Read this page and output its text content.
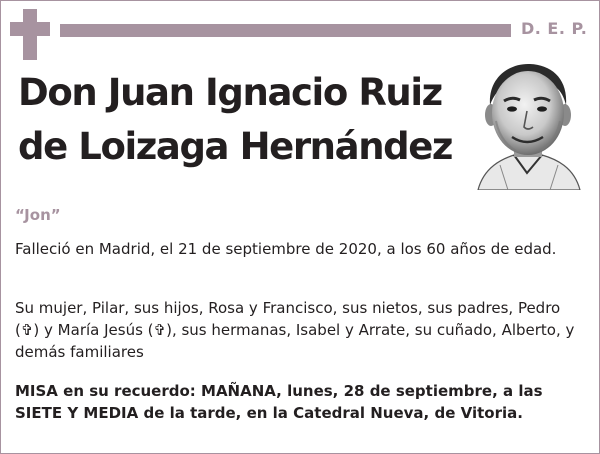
D. E. P.
Don Juan Ignacio Ruiz
de Loizaga Hernández
“Jon”
Falleció en Madrid, el 21 de septiembre de 2020, a los 60 años de edad.
Su mujer, Pilar, sus hijos, Rosa y Francisco, sus nietos, sus padres, Pedro (✞) y María Jesús (✞), sus hermanas, Isabel y Arrate, su cuñado, Alberto, y demás familiares
MISA en su recuerdo: MAÑANA, lunes, 28 de septiembre, a las SIETE Y MEDIA de la tarde, en la Catedral Nueva, de Vitoria.
